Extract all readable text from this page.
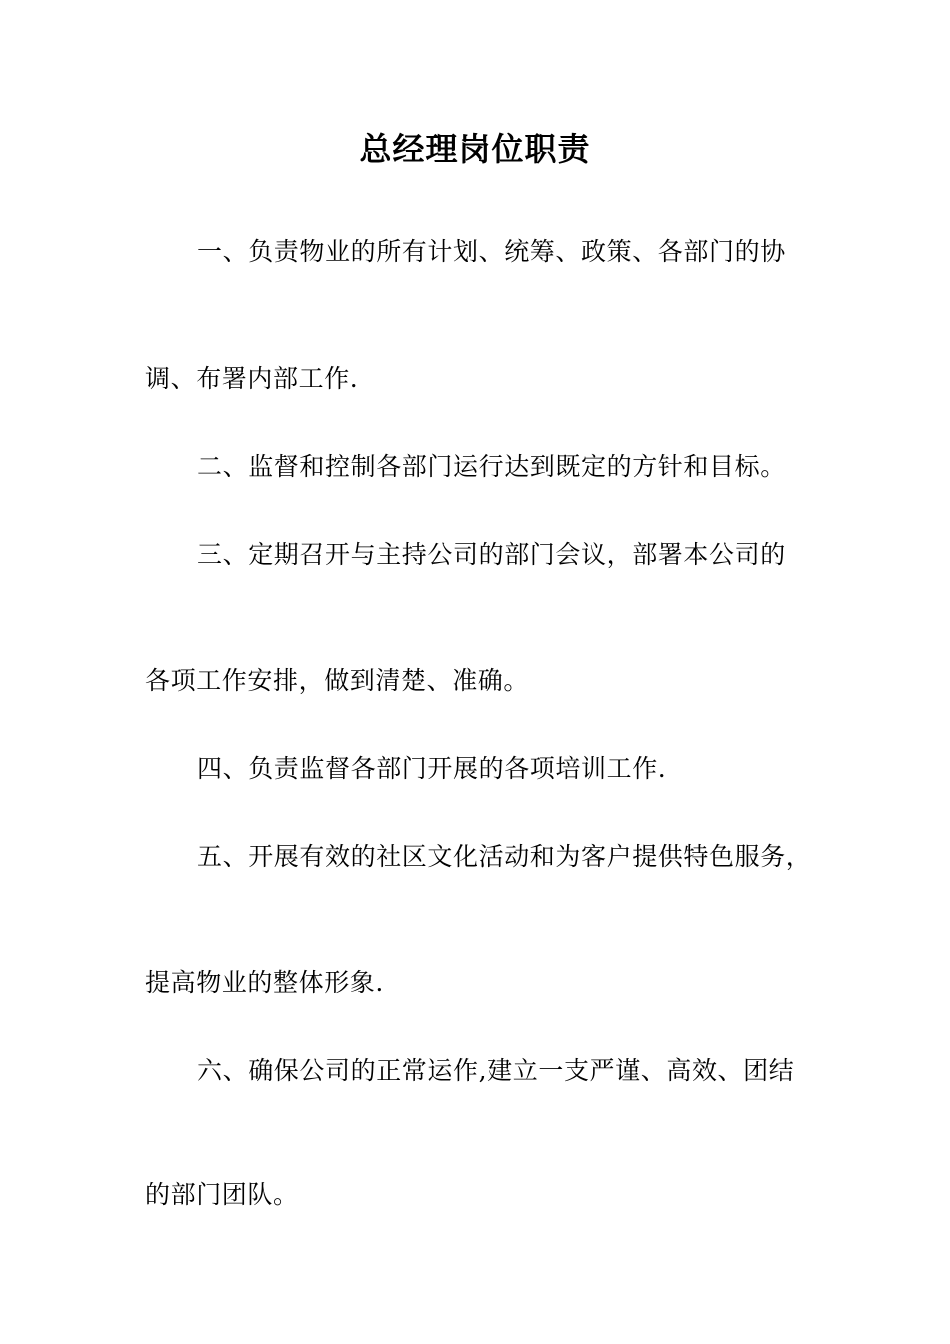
总经理岗位职责
一、负责物业的所有计划、统筹、政策、各部门的协
调、布署内部工作.
二、监督和控制各部门运行达到既定的方针和目标。
三、定期召开与主持公司的部门会议，部署本公司的
各项工作安排，做到清楚、准确。
四、负责监督各部门开展的各项培训工作.
五、开展有效的社区文化活动和为客户提供特色服务，
提高物业的整体形象.
六、确保公司的正常运作,建立一支严谨、高效、团结
的部门团队。
